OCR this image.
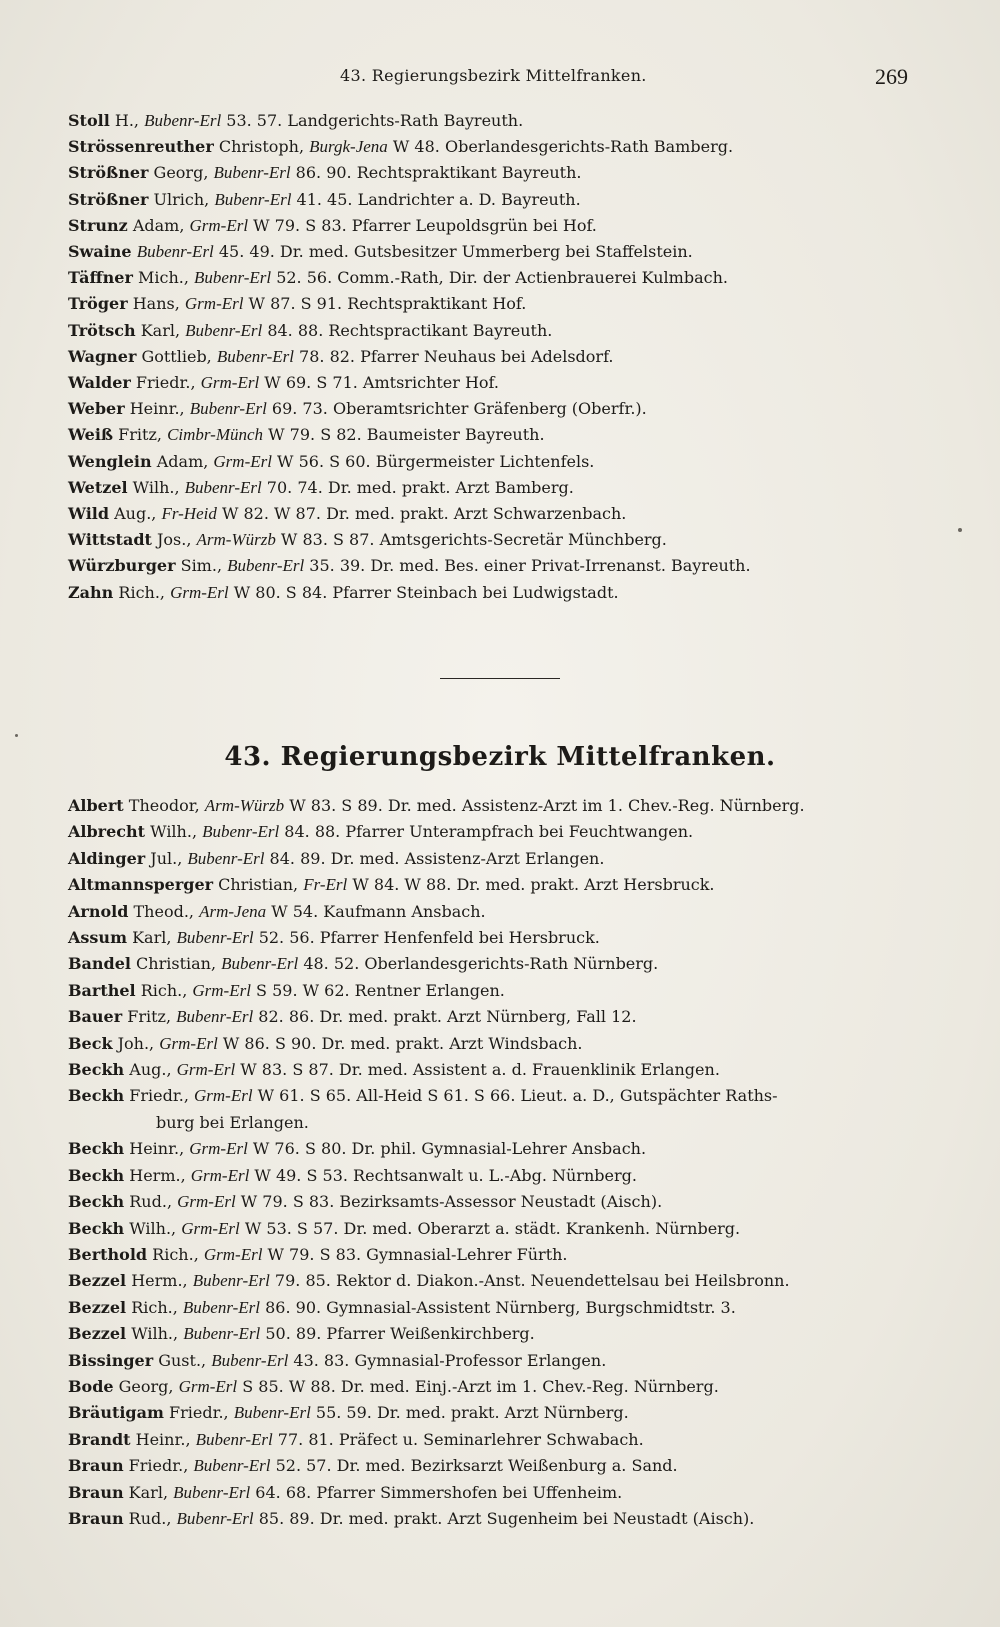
43. Regierungsbezirk Mittelfranken.	269
Stoll H., Bubenr-Erl 53. 57. Landgerichts-Rath Bayreuth.
Strössenreuther Christoph, Burgk-Jena W 48. Oberlandesgerichts-Rath Bamberg.
Strößner Georg, Bubenr-Erl 86. 90. Rechtspraktikant Bayreuth.
Strößner Ulrich, Bubenr-Erl 41. 45. Landrichter a. D. Bayreuth.
Strunz Adam, Grm-Erl W 79. S 83. Pfarrer Leupoldsgrün bei Hof.
Swaine Bubenr-Erl 45. 49. Dr. med. Gutsbesitzer Ummerberg bei Staffelstein.
Täffner Mich., Bubenr-Erl 52. 56. Comm.-Rath, Dir. der Actienbrauerei Kulmbach.
Tröger Hans, Grm-Erl W 87. S 91. Rechtspraktikant Hof.
Trötsch Karl, Bubenr-Erl 84. 88. Rechtspractikant Bayreuth.
Wagner Gottlieb, Bubenr-Erl 78. 82. Pfarrer Neuhaus bei Adelsdorf.
Walder Friedr., Grm-Erl W 69. S 71. Amtsrichter Hof.
Weber Heinr., Bubenr-Erl 69. 73. Oberamtsrichter Gräfenberg (Oberfr.).
Weiß Fritz, Cimbr-Münch W 79. S 82. Baumeister Bayreuth.
Wenglein Adam, Grm-Erl W 56. S 60. Bürgermeister Lichtenfels.
Wetzel Wilh., Bubenr-Erl 70. 74. Dr. med. prakt. Arzt Bamberg.
Wild Aug., Fr-Heid W 82. W 87. Dr. med. prakt. Arzt Schwarzenbach.
Wittstadt Jos., Arm-Würzb W 83. S 87. Amtsgerichts-Secretär Münchberg.
Würzburger Sim., Bubenr-Erl 35. 39. Dr. med. Bes. einer Privat-Irrenanst. Bayreuth.
Zahn Rich., Grm-Erl W 80. S 84. Pfarrer Steinbach bei Ludwigstadt.
43. Regierungsbezirk Mittelfranken.
Albert Theodor, Arm-Würzb W 83. S 89. Dr. med. Assistenz-Arzt im 1. Chev.-Reg. Nürnberg.
Albrecht Wilh., Bubenr-Erl 84. 88. Pfarrer Unterampfrach bei Feuchtwangen.
Aldinger Jul., Bubenr-Erl 84. 89. Dr. med. Assistenz-Arzt Erlangen.
Altmannsperger Christian, Fr-Erl W 84. W 88. Dr. med. prakt. Arzt Hersbruck.
Arnold Theod., Arm-Jena W 54. Kaufmann Ansbach.
Assum Karl, Bubenr-Erl 52. 56. Pfarrer Henfenfeld bei Hersbruck.
Bandel Christian, Bubenr-Erl 48. 52. Oberlandesgerichts-Rath Nürnberg.
Barthel Rich., Grm-Erl S 59. W 62. Rentner Erlangen.
Bauer Fritz, Bubenr-Erl 82. 86. Dr. med. prakt. Arzt Nürnberg, Fall 12.
Beck Joh., Grm-Erl W 86. S 90. Dr. med. prakt. Arzt Windsbach.
Beckh Aug., Grm-Erl W 83. S 87. Dr. med. Assistent a. d. Frauenklinik Erlangen.
Beckh Friedr., Grm-Erl W 61. S 65. All-Heid S 61. S 66. Lieut. a. D., Gutspächter Raths-
burg bei Erlangen.
Beckh Heinr., Grm-Erl W 76. S 80. Dr. phil. Gymnasial-Lehrer Ansbach.
Beckh Herm., Grm-Erl W 49. S 53. Rechtsanwalt u. L.-Abg. Nürnberg.
Beckh Rud., Grm-Erl W 79. S 83. Bezirksamts-Assessor Neustadt (Aisch).
Beckh Wilh., Grm-Erl W 53. S 57. Dr. med. Oberarzt a. städt. Krankenh. Nürnberg.
Berthold Rich., Grm-Erl W 79. S 83. Gymnasial-Lehrer Fürth.
Bezzel Herm., Bubenr-Erl 79. 85. Rektor d. Diakon.-Anst. Neuendettelsau bei Heilsbronn.
Bezzel Rich., Bubenr-Erl 86. 90. Gymnasial-Assistent Nürnberg, Burgschmidtstr. 3.
Bezzel Wilh., Bubenr-Erl 50. 89. Pfarrer Weißenkirchberg.
Bissinger Gust., Bubenr-Erl 43. 83. Gymnasial-Professor Erlangen.
Bode Georg, Grm-Erl S 85. W 88. Dr. med. Einj.-Arzt im 1. Chev.-Reg. Nürnberg.
Bräutigam Friedr., Bubenr-Erl 55. 59. Dr. med. prakt. Arzt Nürnberg.
Brandt Heinr., Bubenr-Erl 77. 81. Präfect u. Seminarlehrer Schwabach.
Braun Friedr., Bubenr-Erl 52. 57. Dr. med. Bezirksarzt Weißenburg a. Sand.
Braun Karl, Bubenr-Erl 64. 68. Pfarrer Simmershofen bei Uffenheim.
Braun Rud., Bubenr-Erl 85. 89. Dr. med. prakt. Arzt Sugenheim bei Neustadt (Aisch).
